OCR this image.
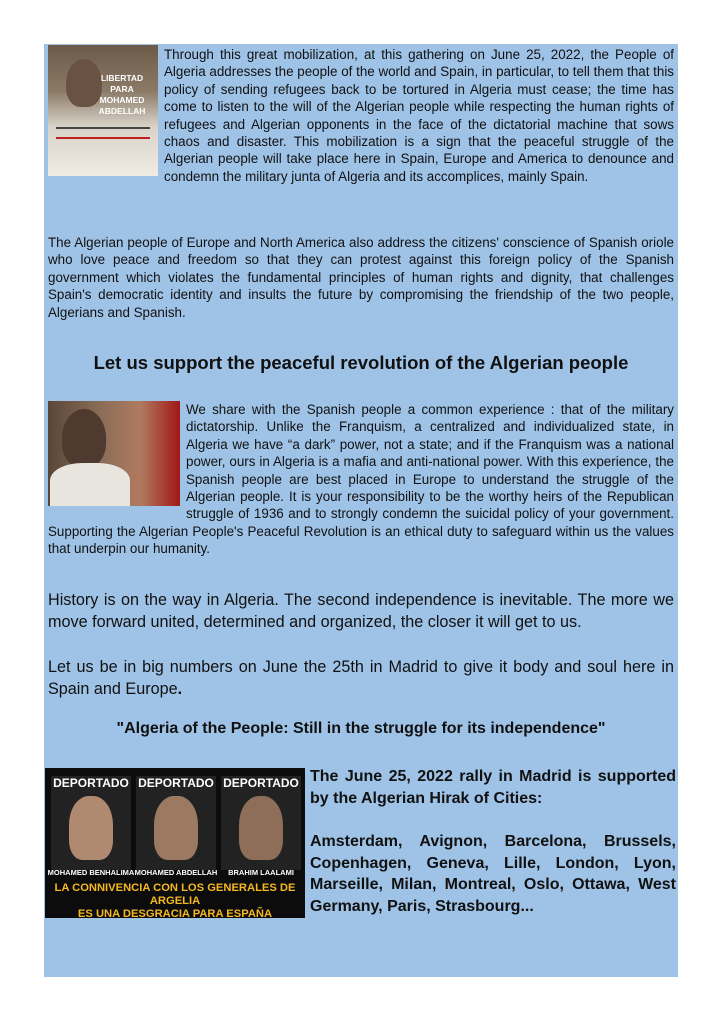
LIBERTAD PARA
MOHAMED
ABDELLAH

Through this great mobilization, at this gathering on June 25, 2022, the People of Algeria addresses the people of the world and Spain, in particular, to tell them that this policy of sending refugees back to be tortured in Algeria must cease; the time has come to listen to the will of the Algerian people while respecting the human rights of refugees and Algerian opponents in the face of the dictatorial machine that sows chaos and disaster. This mobilization is a sign that the peaceful struggle of the Algerian people will take place here in Spain, Europe and America to denounce and condemn the military junta of Algeria and its accomplices, mainly Spain.

The Algerian people of Europe and North America also address the citizens' conscience of Spanish oriole who love peace and freedom so that they can protest against this foreign policy of the Spanish government which violates the fundamental principles of human rights and dignity, that challenges Spain's democratic identity and insults the future by compromising the friendship of the two people, Algerians and Spanish.

Let us support the peaceful revolution of the Algerian people

We share with the Spanish people a common experience : that of the military dictatorship. Unlike the Franquism, a centralized and individualized state, in Algeria we have “a dark” power, not a state; and if the Franquism was a national power, ours in Algeria is a mafia and anti-national power. With this experience, the Spanish people are best placed in Europe to understand the struggle of the Algerian people. It is your responsibility to be the worthy heirs of the Republican struggle of 1936 and to strongly condemn the suicidal policy of your government. Supporting the Algerian People's Peaceful Revolution is an ethical duty to safeguard within us the values that underpin our humanity.

History is on the way in Algeria. The second independence is inevitable. The more we move forward united, determined and organized, the closer it will get to us.

Let us be in big numbers on June the 25th in Madrid to give it body and soul here in Spain and Europe.

"Algeria of the People: Still in the struggle for its independence"
DEPORTADO
MOHAMED BENHALIMA
DEPORTADO
MOHAMED ABDELLAH
DEPORTADO
BRAHIM LAALAMI
LA CONNIVENCIA CON LOS GENERALES DE ARGELIA
ES UNA DESGRACIA PARA ESPAÑA

The June 25, 2022 rally in Madrid is supported by the Algerian Hirak of Cities:

Amsterdam, Avignon, Barcelona, Brussels, Copenhagen, Geneva, Lille, London, Lyon, Marseille, Milan, Montreal, Oslo, Ottawa, West Germany, Paris, Strasbourg...
